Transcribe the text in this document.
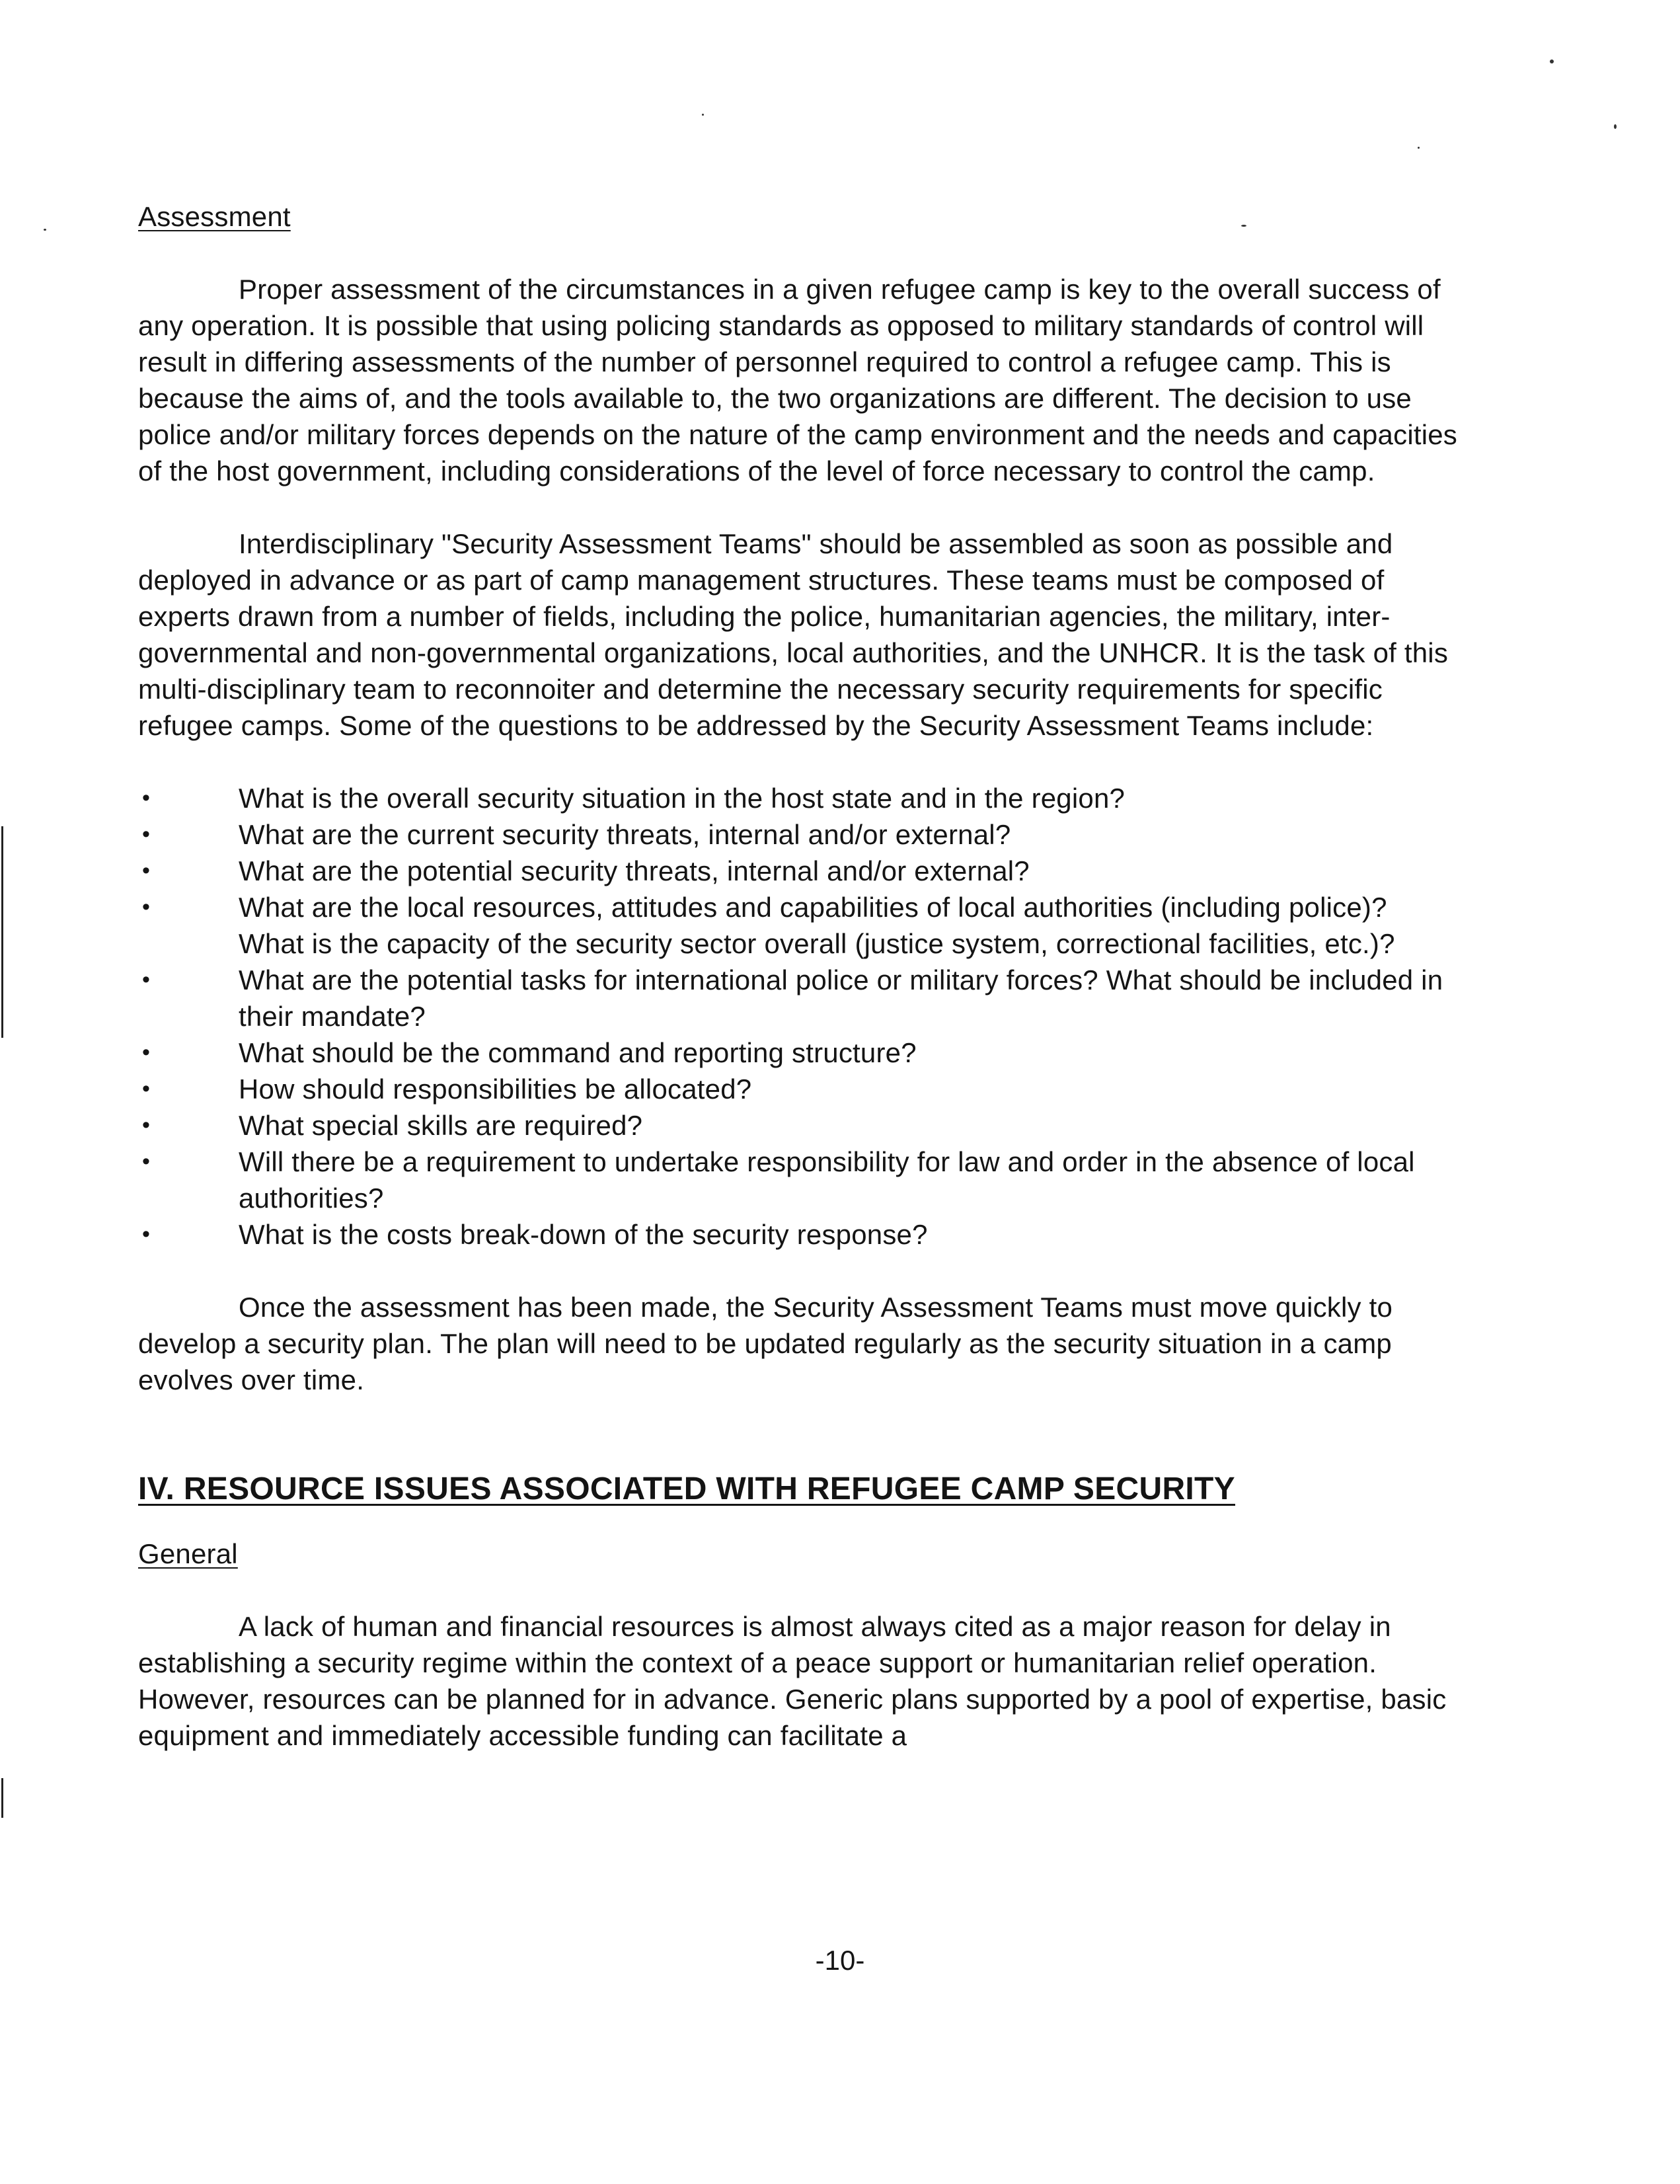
Assessment

Proper assessment of the circumstances in a given refugee camp is key to the overall success of any operation. It is possible that using policing standards as opposed to military standards of control will result in differing assessments of the number of personnel required to control a refugee camp. This is because the aims of, and the tools available to, the two organizations are different. The decision to use police and/or military forces depends on the nature of the camp environment and the needs and capacities of the host government, including considerations of the level of force necessary to control the camp.

Interdisciplinary "Security Assessment Teams" should be assembled as soon as possible and deployed in advance or as part of camp management structures. These teams must be composed of experts drawn from a number of fields, including the police, humanitarian agencies, the military, inter-governmental and non-governmental organizations, local authorities, and the UNHCR. It is the task of this multi-disciplinary team to reconnoiter and determine the necessary security requirements for specific refugee camps. Some of the questions to be addressed by the Security Assessment Teams include:

•	What is the overall security situation in the host state and in the region?
•	What are the current security threats, internal and/or external?
•	What are the potential security threats, internal and/or external?
•	What are the local resources, attitudes and capabilities of local authorities (including police)? What is the capacity of the security sector overall (justice system, correctional facilities, etc.)?
•	What are the potential tasks for international police or military forces? What should be included in their mandate?
•	What should be the command and reporting structure?
•	How should responsibilities be allocated?
•	What special skills are required?
•	Will there be a requirement to undertake responsibility for law and order in the absence of local authorities?
•	What is the costs break-down of the security response?

Once the assessment has been made, the Security Assessment Teams must move quickly to develop a security plan. The plan will need to be updated regularly as the security situation in a camp evolves over time.

IV. RESOURCE ISSUES ASSOCIATED WITH REFUGEE CAMP SECURITY
General

A lack of human and financial resources is almost always cited as a major reason for delay in establishing a security regime within the context of a peace support or humanitarian relief operation. However, resources can be planned for in advance. Generic plans supported by a pool of expertise, basic equipment and immediately accessible funding can facilitate a

-10-
